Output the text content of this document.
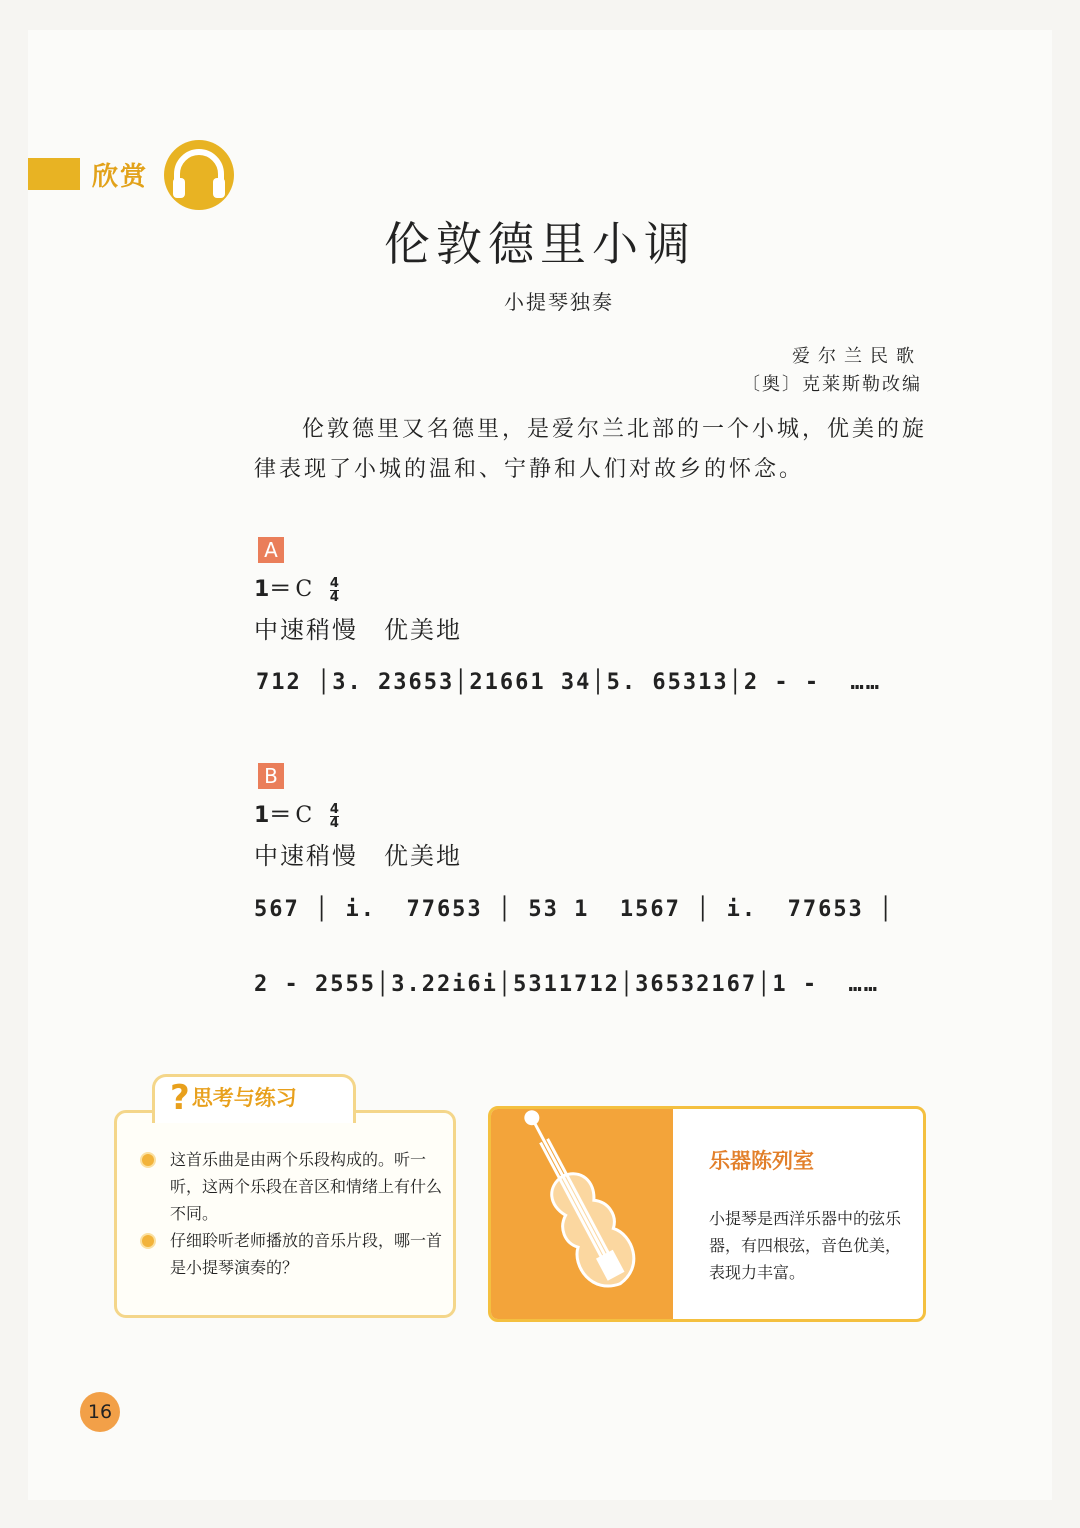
欣赏
伦敦德里小调
小提琴独奏
爱尔兰民歌
〔奥〕克莱斯勒改编

伦敦德里又名德里，是爱尔兰北部的一个小城，优美的旋律表现了小城的温和、宁静和人们对故乡的怀念。

A
1＝ C $\frac{4}{4}$
中速稍慢　优美地
712 │3. 23653│21661 34│5. 65313│2 - -  ……
B
1＝ C $\frac{4}{4}$
中速稍慢　优美地
567 │ i.  77653 │ 53 1  1567 │ i.  77653 │
2 - 2555│3.22i6i│5311712│36532167│1 -  ……
?思考与练习
这首乐曲是由两个乐段构成的。听一听，这两个乐段在音区和情绪上有什么不同。
仔细聆听老师播放的音乐片段，哪一首是小提琴演奏的？
乐器陈列室
小提琴是西洋乐器中的弦乐器，有四根弦，音色优美，表现力丰富。
16
